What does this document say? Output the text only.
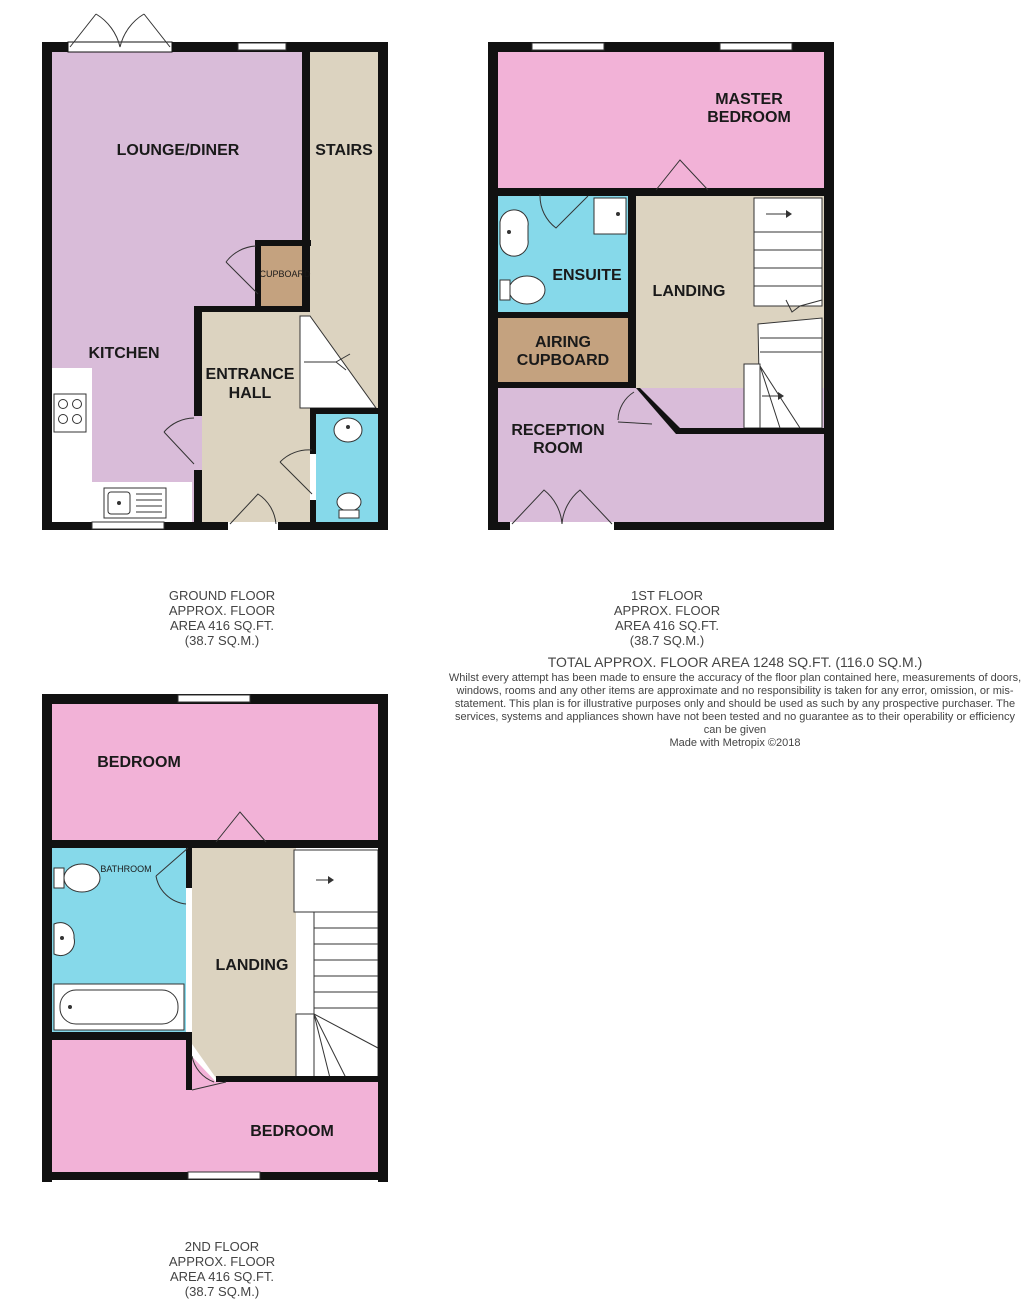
LOUNGE/DINER	STAIRS
CUPBOARD
KITCHEN
ENTRANCE
HALL
MASTER
BEDROOM
ENSUITE
LANDING
AIRING
CUPBOARD
RECEPTION
ROOM
BEDROOM
BATHROOM
LANDING
BEDROOM
GROUND FLOOR
APPROX. FLOOR
AREA 416 SQ.FT.
(38.7 SQ.M.)
1ST FLOOR
APPROX. FLOOR
AREA 416 SQ.FT.
(38.7 SQ.M.)
TOTAL APPROX. FLOOR AREA 1248 SQ.FT. (116.0 SQ.M.)
Whilst every attempt has been made to ensure the accuracy of the floor plan contained here, measurements of doors, windows, rooms and any other items are approximate and no responsibility is taken for any error, omission, or mis-statement. This plan is for illustrative purposes only and should be used as such by any prospective purchaser. The services, systems and appliances shown have not been tested and no guarantee as to their operability or efficiency can be given
Made with Metropix ©2018
2ND FLOOR
APPROX. FLOOR
AREA 416 SQ.FT.
(38.7 SQ.M.)
